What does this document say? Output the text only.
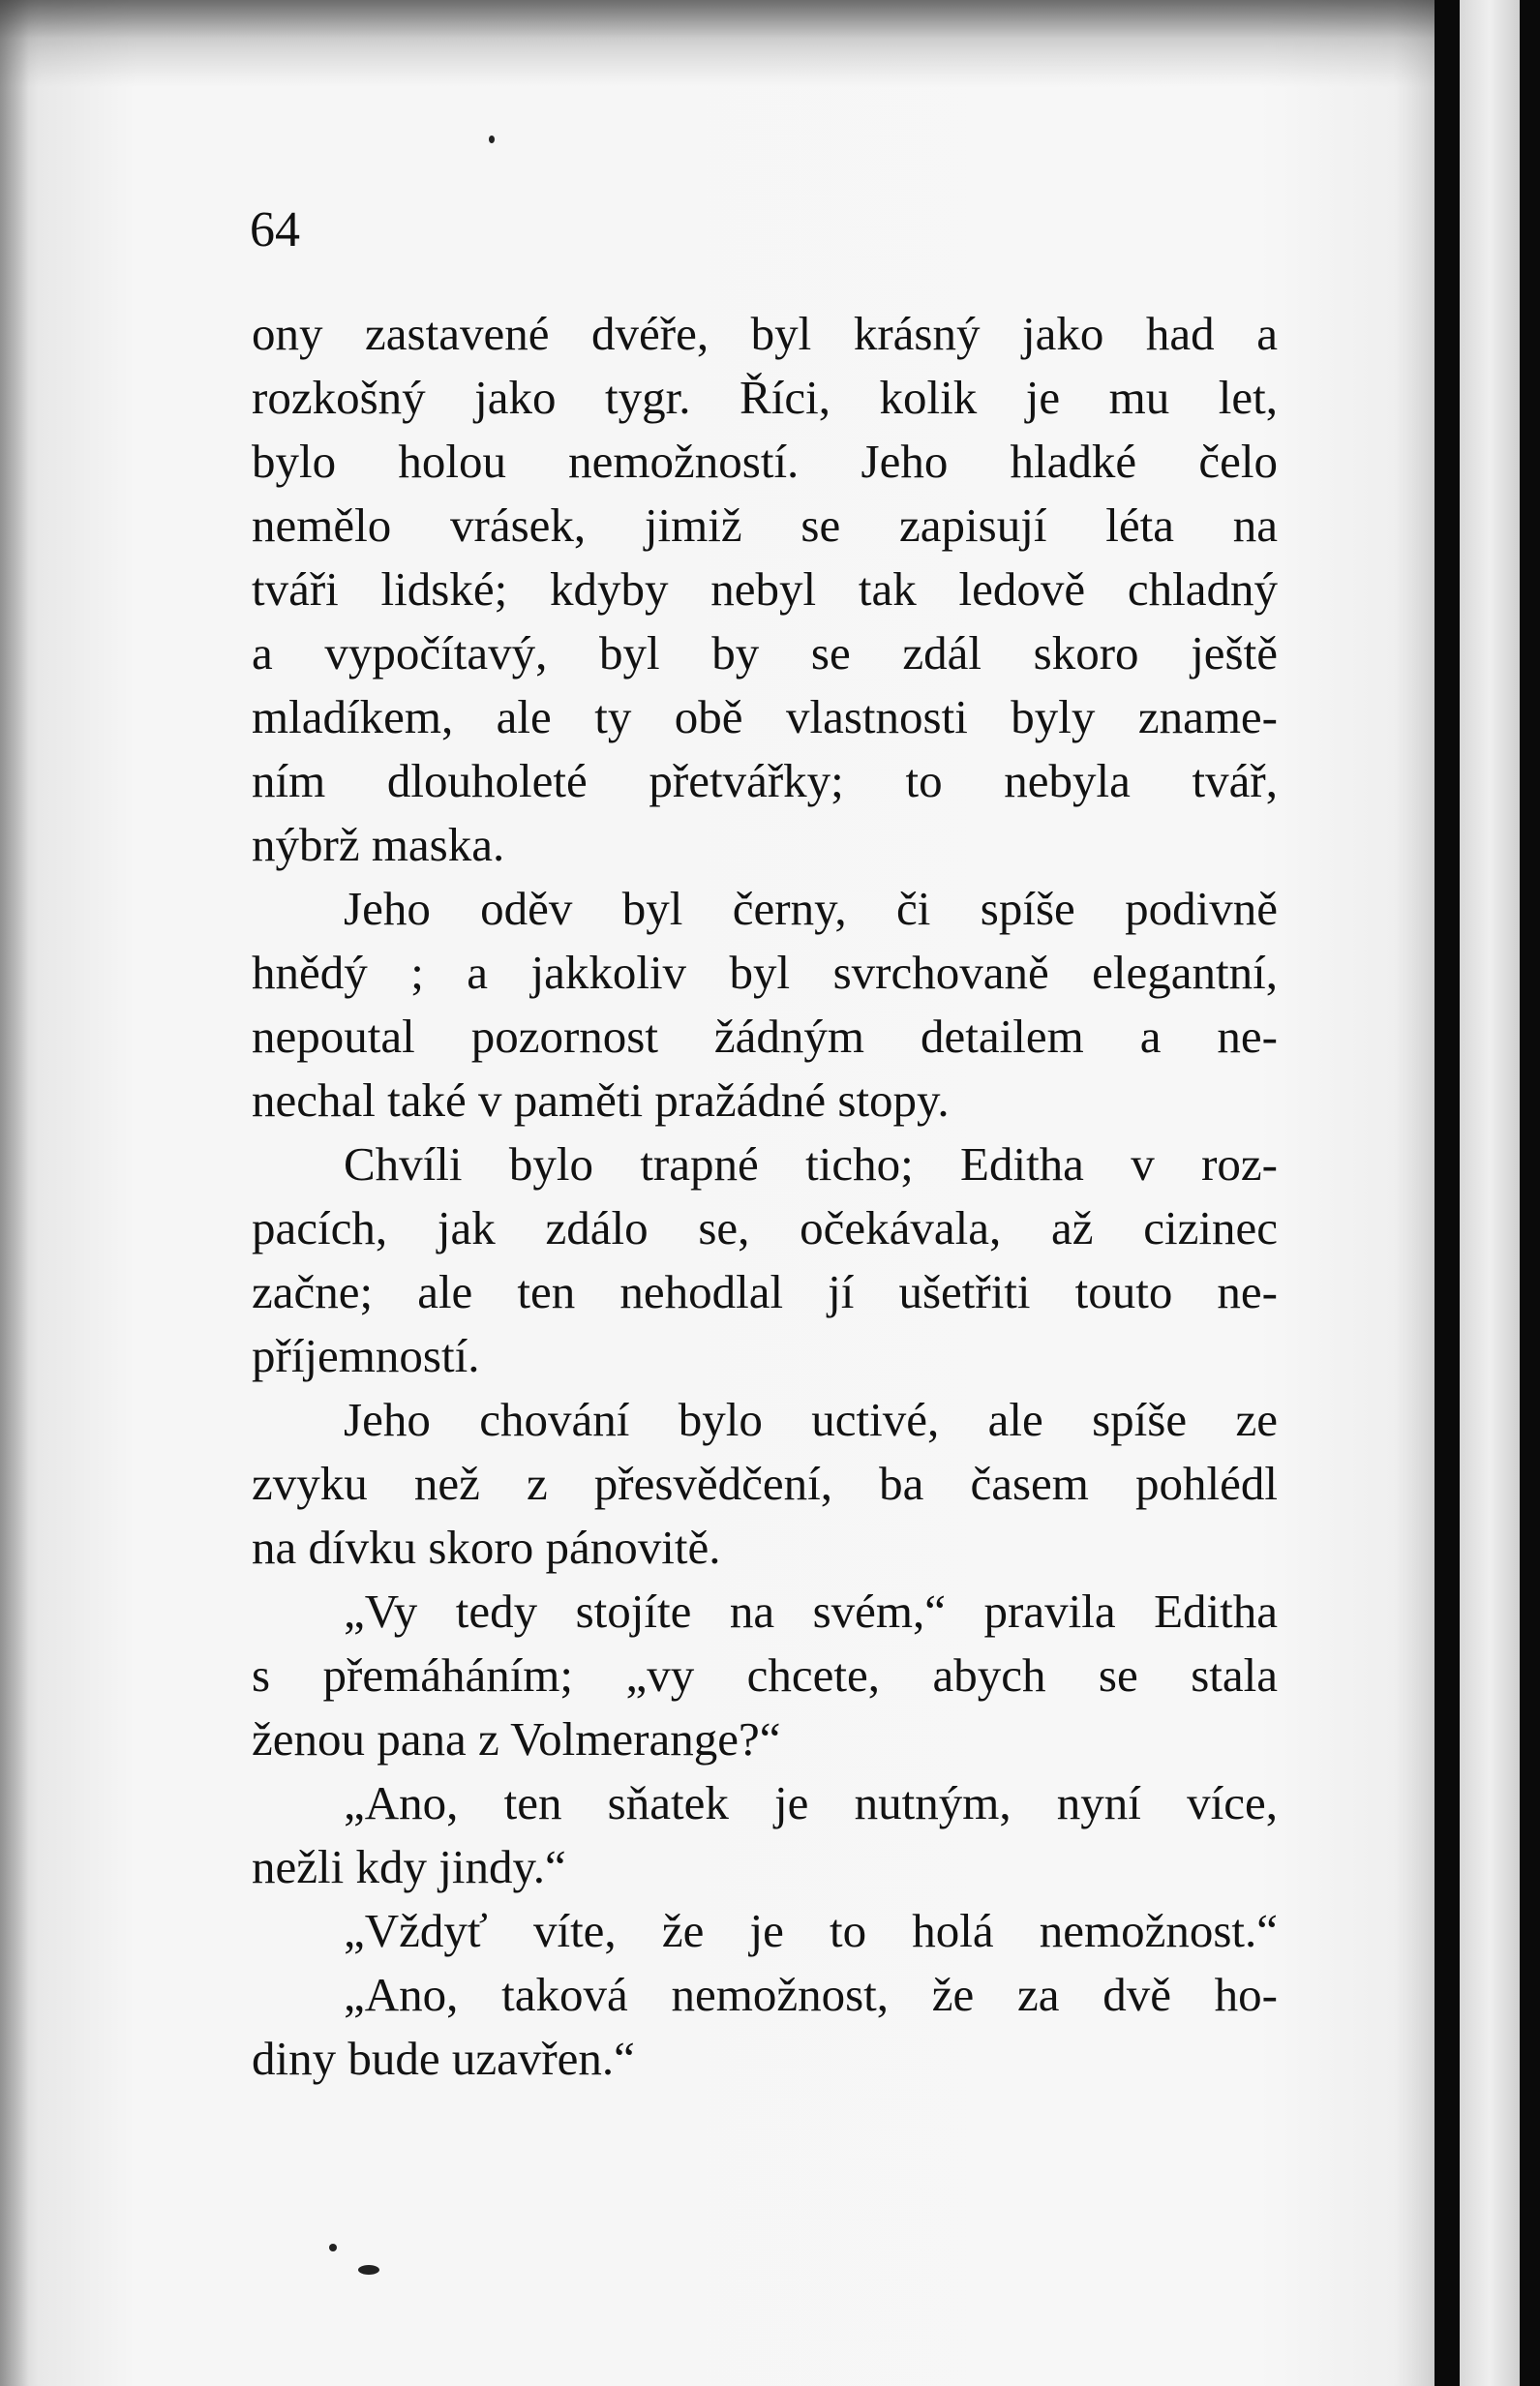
64

ony zastavené dvéře, byl krásný jako had a
rozkošný jako tygr. Říci, kolik je mu let,
bylo holou nemožností. Jeho hladké čelo
nemělo vrásek, jimiž se zapisují léta na
tváři lidské; kdyby nebyl tak ledově chladný
a vypočítavý, byl by se zdál skoro ještě
mladíkem, ale ty obě vlastnosti byly zname-
ním dlouholeté přetvářky; to nebyla tvář,
nýbrž maska.
Jeho oděv byl černy, či spíše podivně
hnědý ; a jakkoliv byl svrchovaně elegantní,
nepoutal pozornost žádným detailem a ne-
nechal také v paměti pražádné stopy.
Chvíli bylo trapné ticho; Editha v roz-
pacích, jak zdálo se, očekávala, až cizinec
začne; ale ten nehodlal jí ušetřiti touto ne-
příjemností.
Jeho chování bylo uctivé, ale spíše ze
zvyku než z přesvědčení, ba časem pohlédl
na dívku skoro pánovitě.
„Vy tedy stojíte na svém,“ pravila Editha
s přemáháním; „vy chcete, abych se stala
ženou pana z Volmerange?“
„Ano, ten sňatek je nutným, nyní více,
nežli kdy jindy.“
„Vždyť víte, že je to holá nemožnost.“
„Ano, taková nemožnost, že za dvě ho-
diny bude uzavřen.“
